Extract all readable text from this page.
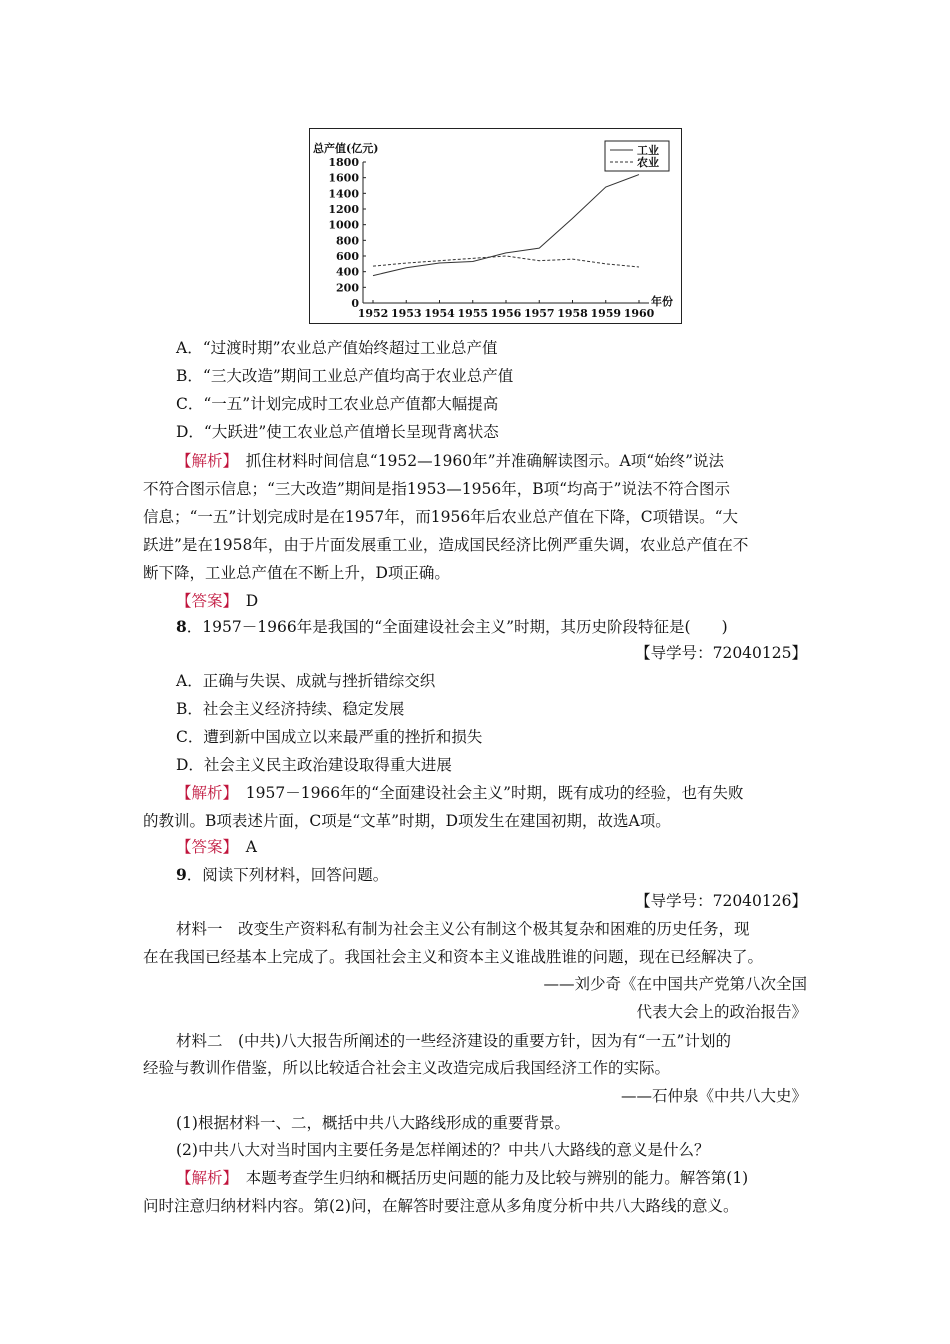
0
200
400
600
800
1000
1200
1400
1600
1800
1952 1953 1954 1955 1956 1957 1958 1959 1960
总产值(亿元)
年份
工业
农业
A．“过渡时期”农业总产值始终超过工业总产值
B．“三大改造”期间工业总产值均高于农业总产值
C．“一五”计划完成时工农业总产值都大幅提高
D．“大跃进”使工农业总产值增长呈现背离状态
【解析】　抓住材料时间信息“1952—1960年”并准确解读图示。A项“始终”说法
不符合图示信息；“三大改造”期间是指1953—1956年，B项“均高于”说法不符合图示
信息；“一五”计划完成时是在1957年，而1956年后农业总产值在下降，C项错误。“大
跃进”是在1958年，由于片面发展重工业，造成国民经济比例严重失调，农业总产值在不
断下降，工业总产值在不断上升，D项正确。
【答案】　D
8．1957－1966年是我国的“全面建设社会主义”时期，其历史阶段特征是(　　)
【导学号：72040125】
A．正确与失误、成就与挫折错综交织
B．社会主义经济持续、稳定发展
C．遭到新中国成立以来最严重的挫折和损失
D．社会主义民主政治建设取得重大进展
【解析】　1957－1966年的“全面建设社会主义”时期，既有成功的经验，也有失败
的教训。B项表述片面，C项是“文革”时期，D项发生在建国初期，故选A项。
【答案】　A
9．阅读下列材料，回答问题。
【导学号：72040126】
材料一　改变生产资料私有制为社会主义公有制这个极其复杂和困难的历史任务，现
在在我国已经基本上完成了。我国社会主义和资本主义谁战胜谁的问题，现在已经解决了。
——刘少奇《在中国共产党第八次全国
代表大会上的政治报告》
材料二　(中共)八大报告所阐述的一些经济建设的重要方针，因为有“一五”计划的
经验与教训作借鉴，所以比较适合社会主义改造完成后我国经济工作的实际。
——石仲泉《中共八大史》
(1)根据材料一、二，概括中共八大路线形成的重要背景。
(2)中共八大对当时国内主要任务是怎样阐述的？中共八大路线的意义是什么？
【解析】　本题考查学生归纳和概括历史问题的能力及比较与辨别的能力。解答第(1)
问时注意归纳材料内容。第(2)问，在解答时要注意从多角度分析中共八大路线的意义。
